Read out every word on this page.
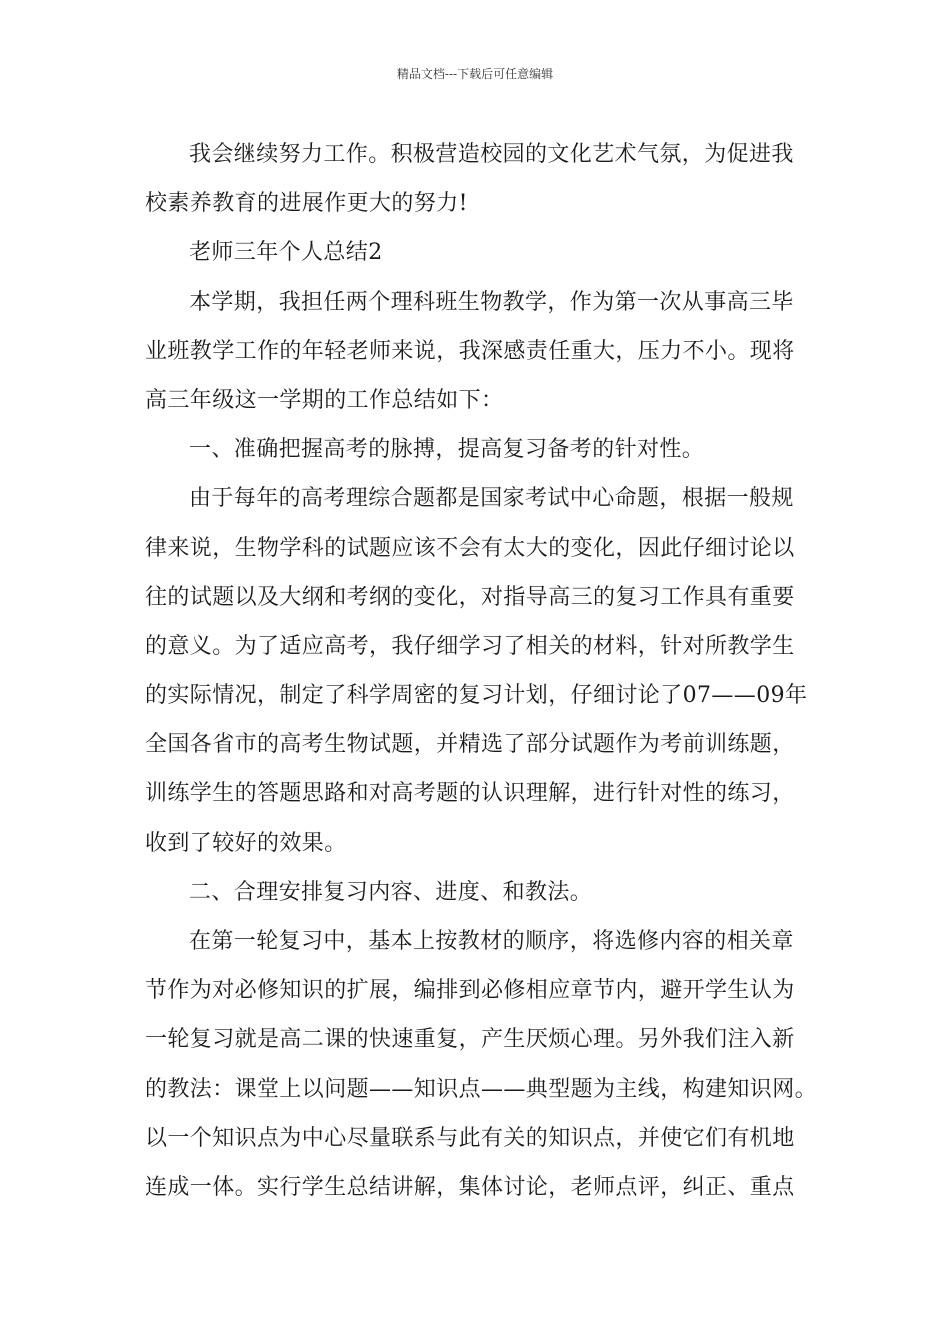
精品文档---下载后可任意编辑
我会继续努力工作。积极营造校园的文化艺术气氛，为促进我
校素养教育的进展作更大的努力!
老师三年个人总结2
本学期，我担任两个理科班生物教学，作为第一次从事高三毕
业班教学工作的年轻老师来说，我深感责任重大，压力不小。现将
高三年级这一学期的工作总结如下：
一、准确把握高考的脉搏，提高复习备考的针对性。
由于每年的高考理综合题都是国家考试中心命题，根据一般规
律来说，生物学科的试题应该不会有太大的变化，因此仔细讨论以
往的试题以及大纲和考纲的变化，对指导高三的复习工作具有重要
的意义。为了适应高考，我仔细学习了相关的材料，针对所教学生
的实际情况，制定了科学周密的复习计划，仔细讨论了07——09年
全国各省市的高考生物试题，并精选了部分试题作为考前训练题，
训练学生的答题思路和对高考题的认识理解，进行针对性的练习，
收到了较好的效果。
二、合理安排复习内容、进度、和教法。
在第一轮复习中，基本上按教材的顺序，将选修内容的相关章
节作为对必修知识的扩展，编排到必修相应章节内，避开学生认为
一轮复习就是高二课的快速重复，产生厌烦心理。另外我们注入新
的教法：课堂上以问题——知识点——典型题为主线，构建知识网。
以一个知识点为中心尽量联系与此有关的知识点，并使它们有机地
连成一体。实行学生总结讲解，集体讨论，老师点评，纠正、重点
